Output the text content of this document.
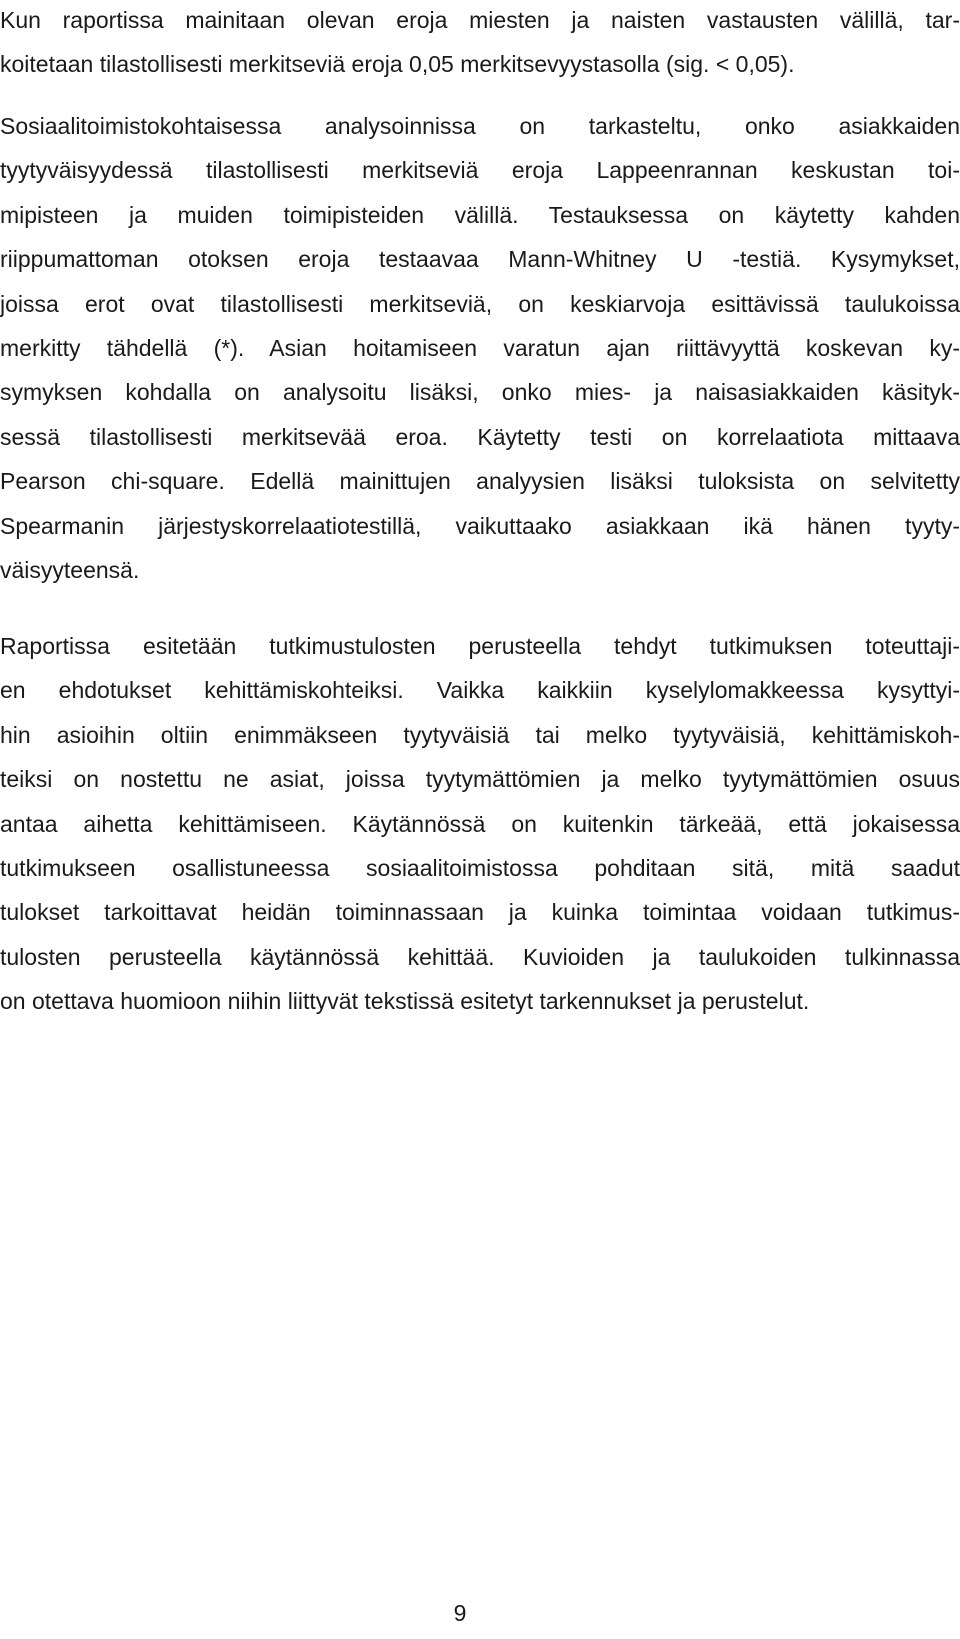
Kun raportissa mainitaan olevan eroja miesten ja naisten vastausten välillä, tar-
koitetaan tilastollisesti merkitseviä eroja 0,05 merkitsevyystasolla (sig. < 0,05).
Sosiaalitoimistokohtaisessa analysoinnissa on tarkasteltu, onko asiakkaiden
tyytyväisyydessä tilastollisesti merkitseviä eroja Lappeenrannan keskustan toi-
mipisteen ja muiden toimipisteiden välillä. Testauksessa on käytetty kahden
riippumattoman otoksen eroja testaavaa Mann-Whitney U -testiä. Kysymykset,
joissa erot ovat tilastollisesti merkitseviä, on keskiarvoja esittävissä taulukoissa
merkitty tähdellä (*). Asian hoitamiseen varatun ajan riittävyyttä koskevan ky-
symyksen kohdalla on analysoitu lisäksi, onko mies- ja naisasiakkaiden käsityk-
sessä tilastollisesti merkitsevää eroa. Käytetty testi on korrelaatiota mittaava
Pearson chi-square. Edellä mainittujen analyysien lisäksi tuloksista on selvitetty
Spearmanin järjestyskorrelaatiotestillä, vaikuttaako asiakkaan ikä hänen tyyty-
väisyyteensä.
Raportissa esitetään tutkimustulosten perusteella tehdyt tutkimuksen toteuttaji-
en ehdotukset kehittämiskohteiksi. Vaikka kaikkiin kyselylomakkeessa kysyttyi-
hin asioihin oltiin enimmäkseen tyytyväisiä tai melko tyytyväisiä, kehittämiskoh-
teiksi on nostettu ne asiat, joissa tyytymättömien ja melko tyytymättömien osuus
antaa aihetta kehittämiseen. Käytännössä on kuitenkin tärkeää, että jokaisessa
tutkimukseen osallistuneessa sosiaalitoimistossa pohditaan sitä, mitä saadut
tulokset tarkoittavat heidän toiminnassaan ja kuinka toimintaa voidaan tutkimus-
tulosten perusteella käytännössä kehittää. Kuvioiden ja taulukoiden tulkinnassa
on otettava huomioon niihin liittyvät tekstissä esitetyt tarkennukset ja perustelut.
9
